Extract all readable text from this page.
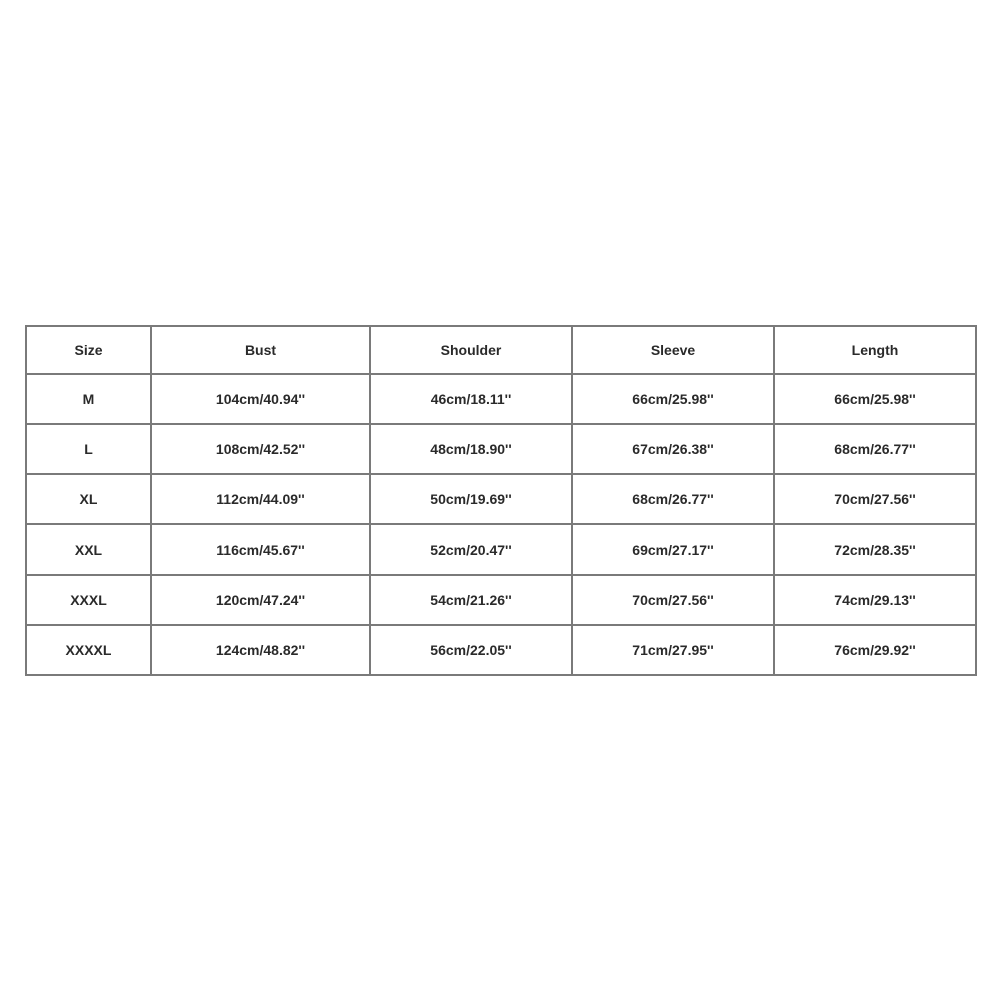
Size	Bust	Shoulder	Sleeve	Length
M	104cm/40.94''	46cm/18.11''	66cm/25.98''	66cm/25.98''
L	108cm/42.52''	48cm/18.90''	67cm/26.38''	68cm/26.77''
XL	112cm/44.09''	50cm/19.69''	68cm/26.77''	70cm/27.56''
XXL	116cm/45.67''	52cm/20.47''	69cm/27.17''	72cm/28.35''
XXXL	120cm/47.24''	54cm/21.26''	70cm/27.56''	74cm/29.13''
XXXXL	124cm/48.82''	56cm/22.05''	71cm/27.95''	76cm/29.92''
